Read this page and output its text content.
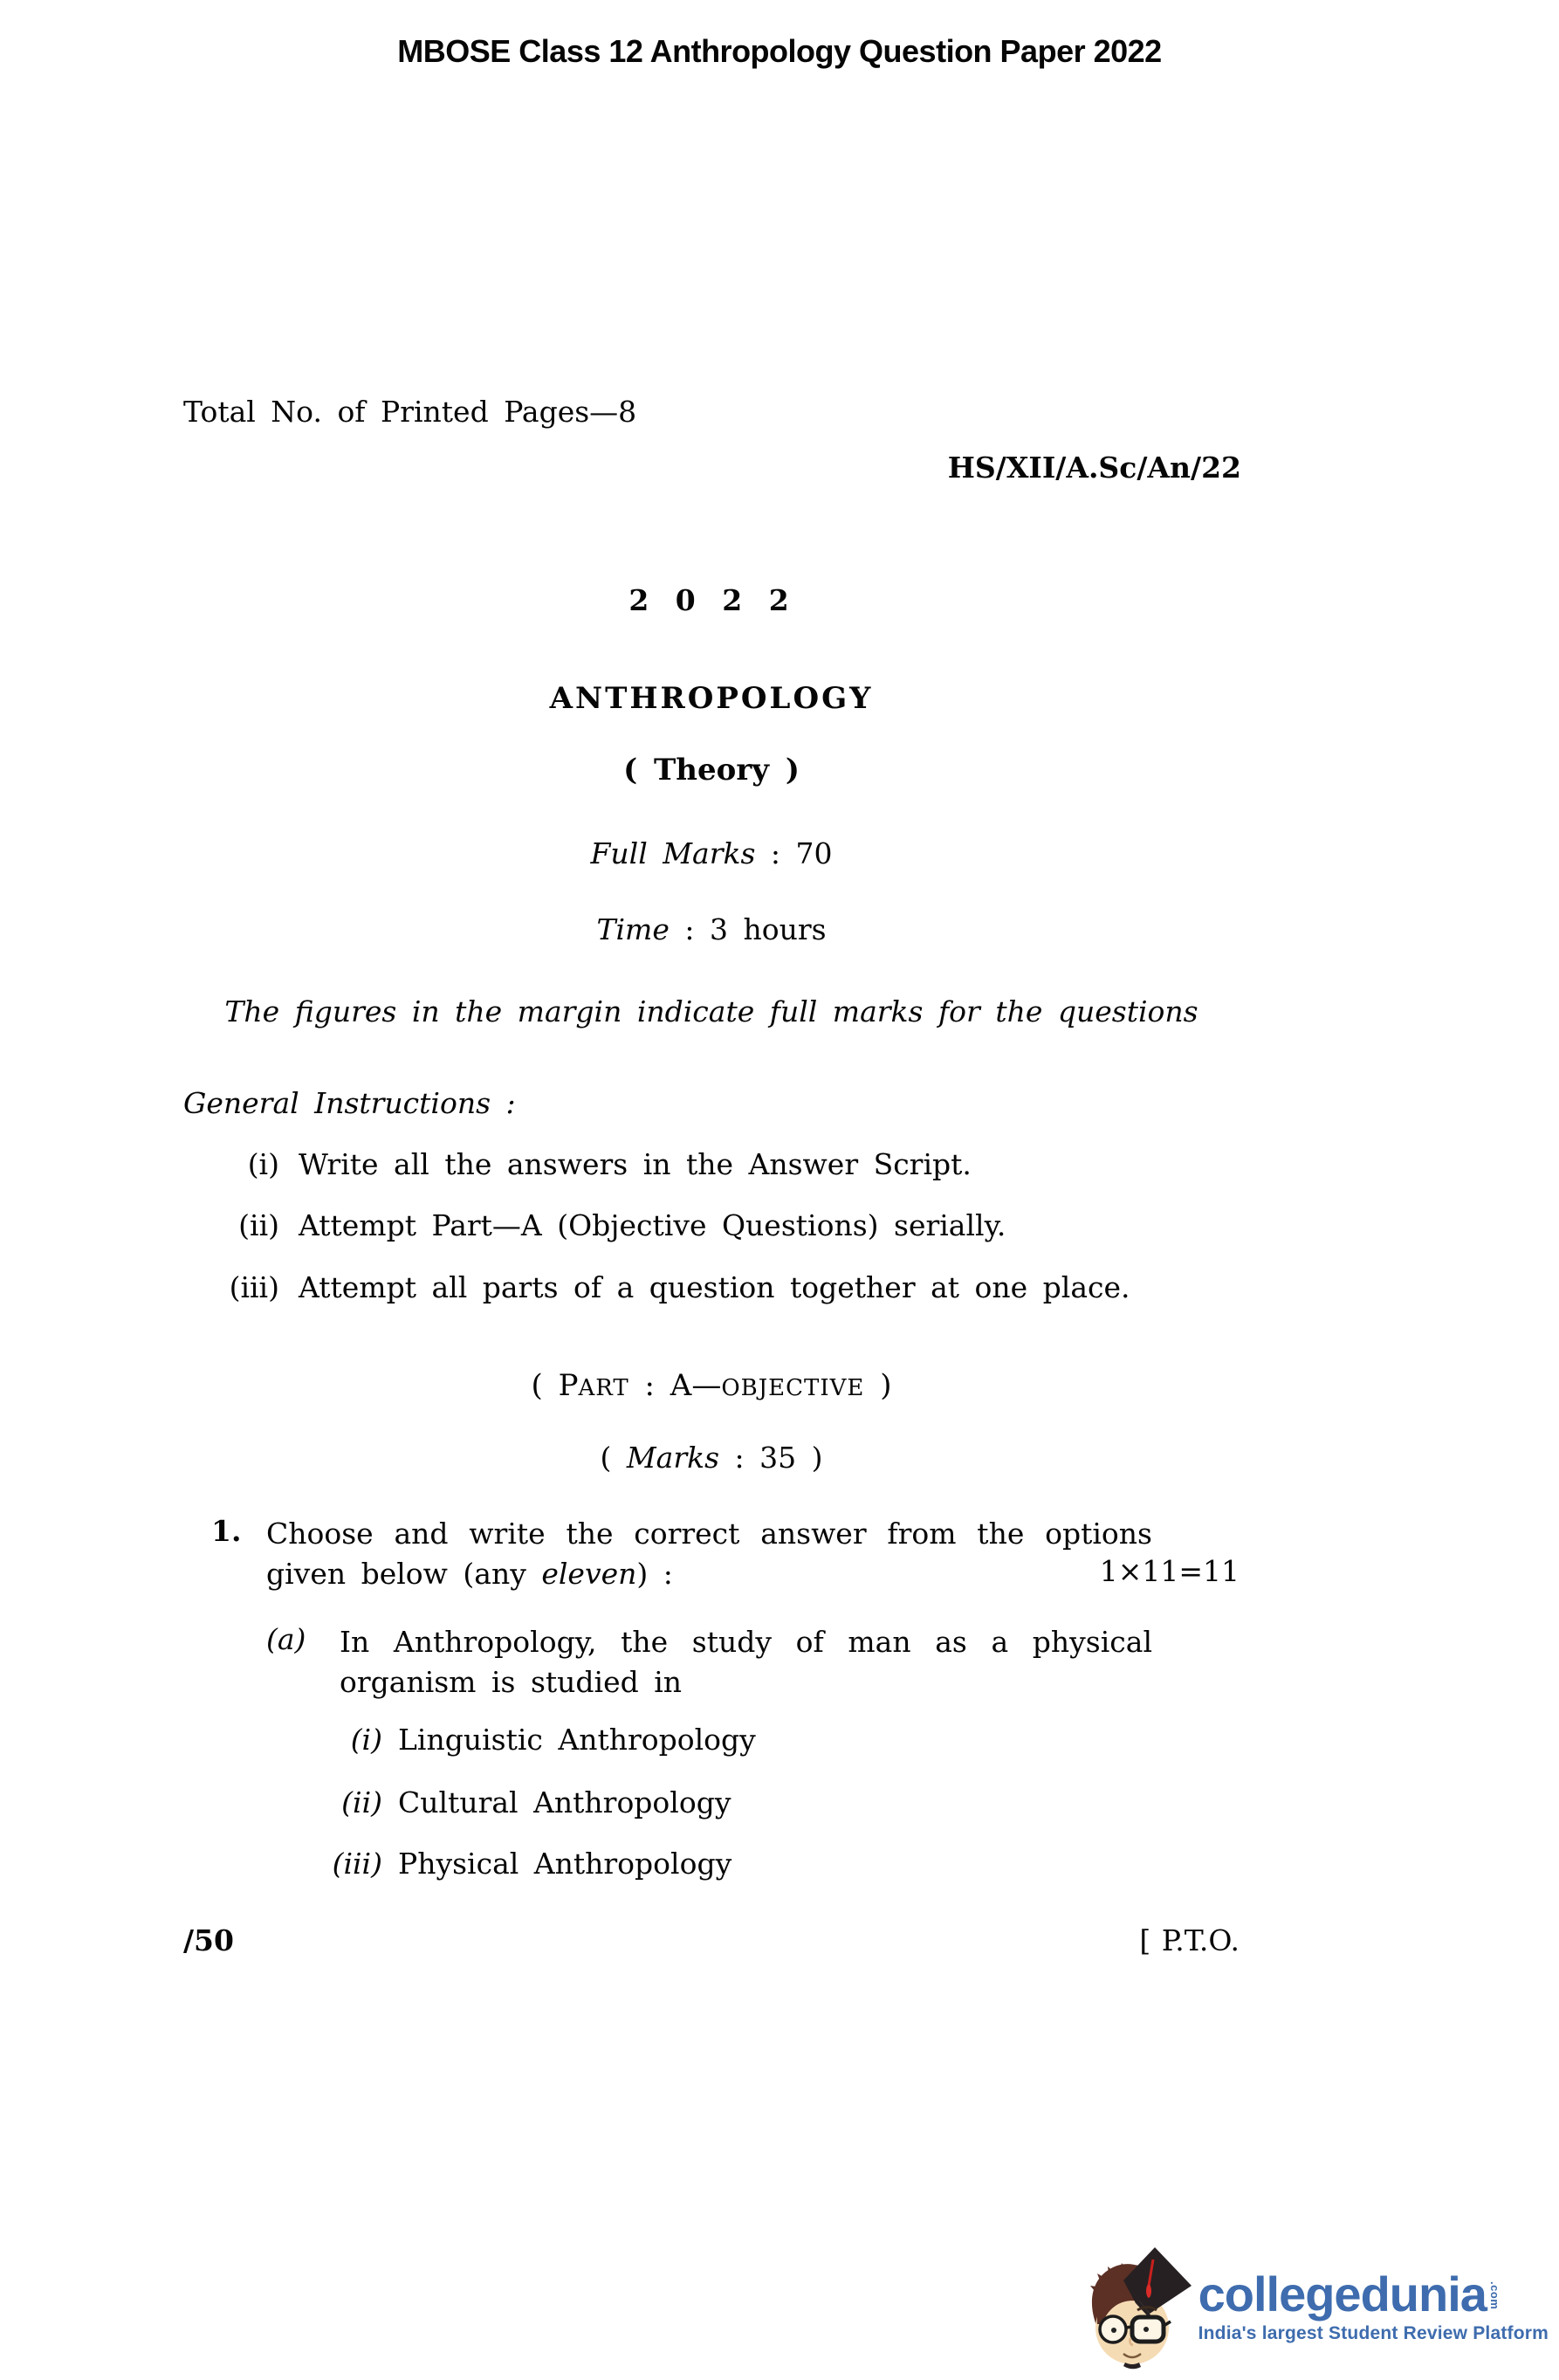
MBOSE Class 12 Anthropology Question Paper 2022
Total No. of Printed Pages—8
HS/XII/A.Sc/An/22
2 0 2 2
ANTHROPOLOGY
( Theory )
Full Marks : 70
Time : 3 hours
The figures in the margin indicate full marks for the questions
General Instructions :
(i) Write all the answers in the Answer Script.
(ii) Attempt Part—A (Objective Questions) serially.
(iii) Attempt all parts of a question together at one place.
( PART : A—OBJECTIVE )
( Marks : 35 )
1. Choose and write the correct answer from the options
given below (any eleven) :	1×11=11
(a) In Anthropology, the study of man as a physical
organism is studied in
(i) Linguistic Anthropology
(ii) Cultural Anthropology
(iii) Physical Anthropology
/50	[ P.T.O.
collegedunia .com
India's largest Student Review Platform
